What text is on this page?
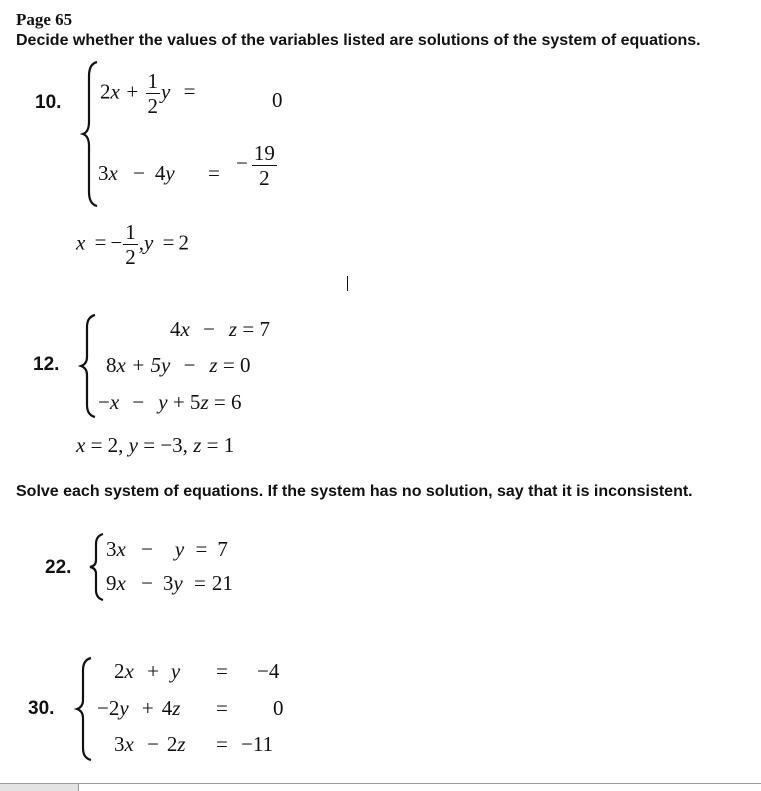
Page 65
Decide whether the values of the variables listed are solutions of the system of equations.
10. $2x + \frac{1}{2}$ y =	0
3x − 4y = − $\frac{19}{2}$
x = − $\frac{1}{2} ,y = 2$
12.
4x − z = 7
8x + 5y − z = 0
−x − y + 5z = 6
x = 2, y = −3, z = 1
Solve each system of equations. If the system has no solution, say that it is inconsistent.
22.
3x − y = 7
9x − 3y = 21
30.
2x + y = −4
−2y + 4z = 0
3x − 2z = −11
